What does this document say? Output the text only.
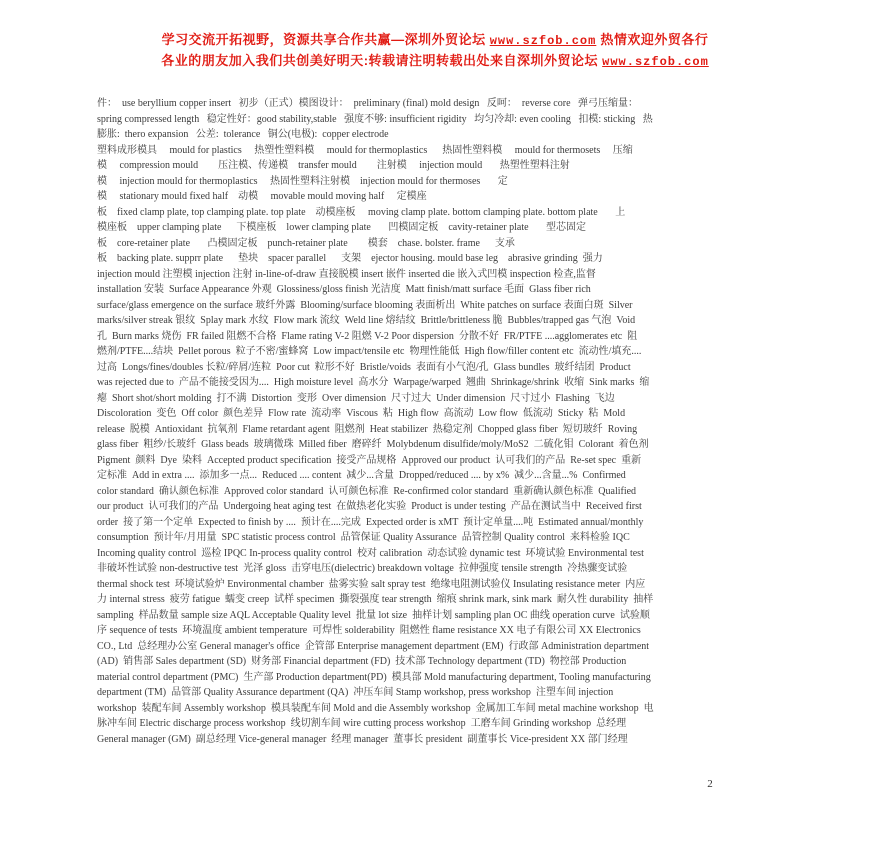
学习交流开拓视野，资源共享合作共赢—深圳外贸论坛 www.szfob.com 热情欢迎外贸各行
各业的朋友加入我们共创美好明天:转载请注明转载出处来自深圳外贸论坛 www.szfob.com
件：  use beryllium copper insert   初步（正式）模图设计：  preliminary (final) mold design   反呵：  reverse core   弹弓压缩量：
spring compressed length   稳定性好：good stability,stable   强度不够: insufficient rigidity   均匀冷却: even cooling   扣模: sticking   热
膨胀:  thero expansion   公差:  tolerance   铜公(电极):  copper electrode
塑料成形模具     mould for plastics     热塑性塑料模     mould for thermoplastics      热固性塑料模     mould for thermosets     压缩
模     compression mould        压注模、传递模    transfer mould        注射模     injection mould       热塑性塑料注射
模     injection mould for thermoplastics     热固性塑料注射模    injection mould for thermoses       定
模     stationary mould fixed half    动模     movable mould moving half     定模座
板    fixed clamp plate, top clamping plate. top plate    动模座板     moving clamp plate. bottom clamping plate. bottom plate       上
模座板    upper clamping plate      下模座板    lower clamping plate       凹模固定板    cavity-retainer plate       型芯固定
板    core-retainer plate       凸模固定板    punch-retainer plate        模套    chase. bolster. frame      支承
板    backing plate. supprr plate      垫块    spacer parallel      支架    ejector housing. mould base leg    abrasive grinding  强力
injection mould 注塑模 injection 注射 in-line-of-draw 直接脱模 insert 嵌件 inserted die 嵌入式凹模 inspection 检查,监督
installation 安装  Surface Appearance 外观  Glossiness/gloss finish 光洁度  Matt finish/matt surface 毛面  Glass fiber rich
surface/glass emergence on the surface 玻纤外露  Blooming/surface blooming 表面析出  White patches on surface 表面白斑  Silver
marks/silver streak 银纹  Splay mark 水纹  Flow mark 流纹  Weld line 熔结纹  Brittle/brittleness 脆  Bubbles/trapped gas 气泡  Void
孔  Burn marks 烧伤  FR failed 阻燃不合格  Flame rating V-2 阻燃 V-2 Poor dispersion  分散不好  FR/PTFE ....agglomerates etc  阻
燃剂/PTFE....结块  Pellet porous  粒子不密/蜜蜂窝  Low impact/tensile etc  物理性能低  High flow/filler content etc  流动性/填充....
过高  Longs/fines/doubles 长粒/碎屑/连粒  Poor cut  粒形不好  Bristle/voids  表面有小气泡/孔  Glass bundles  玻纤结团  Product
was rejected due to  产品不能接受因为....  High moisture level  高水分  Warpage/warped  翘曲  Shrinkage/shrink  收缩  Sink marks  缩
瘪  Short shot/short molding  打不满  Distortion  变形  Over dimension  尺寸过大  Under dimension  尺寸过小  Flashing  飞边
Discoloration  变色  Off color  颜色差异  Flow rate  流动率  Viscous  粘  High flow  高流动  Low flow  低流动  Sticky  粘  Mold
release  脱模  Antioxidant  抗氧剂  Flame retardant agent  阻燃剂  Heat stabilizer  热稳定剂  Chopped glass fiber  短切玻纤  Roving
glass fiber  粗纱/长玻纤  Glass beads  玻璃微珠  Milled fiber  磨碎纤  Molybdenum disulfide/moly/MoS2  二硫化钼  Colorant  着色剂
Pigment  颜料  Dye  染料  Accepted product specification  接受产品规格  Approved our product  认可我们的产品  Re-set spec  重新
定标准  Add in extra ....  添加多一点...  Reduced .... content  减少...含量  Dropped/reduced .... by x%  减少...含量...%  Confirmed
color standard  确认颜色标准  Approved color standard  认可颜色标准  Re-confirmed color standard  重新确认颜色标准  Qualified
our product  认可我们的产品  Undergoing heat aging test  在做热老化实验  Product is under testing  产品在测试当中  Received first
order  接了第一个定单  Expected to finish by ....  预计在....完成  Expected order is xMT  预计定单量....吨  Estimated annual/monthly
consumption  预计年/月用量  SPC statistic process control  品管保证 Quality Assurance  品管控制 Quality control  来料检验 IQC
Incoming quality control  巡检 IPQC In-process quality control  校对 calibration  动态试验 dynamic test  环境试验 Environmental test
非破坏性试验 non-destructive test  光泽 gloss  击穿电压(dielectric) breakdown voltage  拉伸强度 tensile strength  冷热骤变试验
thermal shock test  环境试验炉 Environmental chamber  盐雾实验 salt spray test  绝缘电阻测试验仪 Insulating resistance meter  内应
力 internal stress  疲劳 fatigue  蠕变 creep  试样 specimen  撕裂强度 tear strength  缩痕 shrink mark, sink mark  耐久性 durability  抽样
sampling  样品数量 sample size AQL Acceptable Quality level  批量 lot size  抽样计划 sampling plan OC 曲线 operation curve  试验顺
序 sequence of tests  环境温度 ambient temperature  可焊性 solderability  阻燃性 flame resistance XX 电子有限公司 XX Electronics
CO., Ltd  总经理办公室 General manager's office  企管部 Enterprise management department (EM)  行政部 Administration department
(AD)  销售部 Sales department (SD)  财务部 Financial department (FD)  技术部 Technology department (TD)  物控部 Production
material control department (PMC)  生产部 Production department(PD)  模具部 Mold manufacturing department, Tooling manufacturing
department (TM)  品管部 Quality Assurance department (QA)  冲压车间 Stamp workshop, press workshop  注塑车间 injection
workshop  装配车间 Assembly workshop  模具装配车间 Mold and die Assembly workshop  金属加工车间 metal machine workshop  电
脉冲车间 Electric discharge process workshop  线切割车间 wire cutting process workshop  工磨车间 Grinding workshop  总经理
General manager (GM)  副总经理 Vice-general manager  经理 manager  董事长 president  副董事长 Vice-president XX 部门经理
2
